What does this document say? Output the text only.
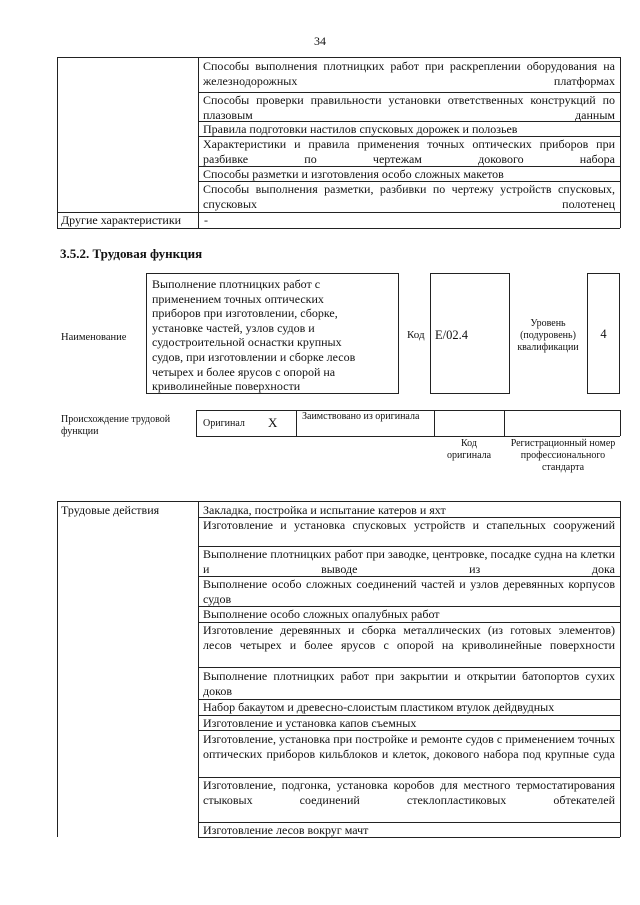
34
Способы выполнения плотницких работ при раскреплении оборудования на железнодорожных платформах
Способы проверки правильности установки ответственных конструкций по плазовым данным
Правила подготовки настилов спусковых дорожек и полозьев
Характеристики и правила применения точных оптических приборов при разбивке по чертежам докового набора
Способы разметки и изготовления особо сложных макетов
Способы выполнения разметки, разбивки по чертежу устройств спусковых, спусковых полотенец
Другие характеристики -
3.5.2. Трудовая функция
Наименование
Выполнение плотницких работ с применением точных оптических приборов при изготовлении, сборке, установке частей, узлов судов и судостроительной оснастки крупных судов, при изготовлении и сборке лесов четырех и более ярусов с опорой на криволинейные поверхности
Код E/02.4
Уровень (подуровень) квалификации
4
Происхождение трудовой функции
Оригинал X Заимствовано из оригинала
Код оригинала
Регистрационный номер профессионального стандарта
Трудовые действия	Закладка, постройка и испытание катеров и яхт
Изготовление и установка спусковых устройств и стапельных сооружений
Выполнение плотницких работ при заводке, центровке, посадке судна на клетки и выводе из дока
Выполнение особо сложных соединений частей и узлов деревянных корпусов судов
Выполнение особо сложных опалубных работ
Изготовление деревянных и сборка металлических (из готовых элементов) лесов четырех и более ярусов с опорой на криволинейные поверхности
Выполнение плотницких работ при закрытии и открытии батопортов сухих доков
Набор бакаутом и древесно-слоистым пластиком втулок дейдвудных
Изготовление и установка капов съемных
Изготовление, установка при постройке и ремонте судов с применением точных оптических приборов кильблоков и клеток, докового набора под крупные суда
Изготовление, подгонка, установка коробов для местного термостатирования стыковых соединений стеклопластиковых обтекателей
Изготовление лесов вокруг мачт
